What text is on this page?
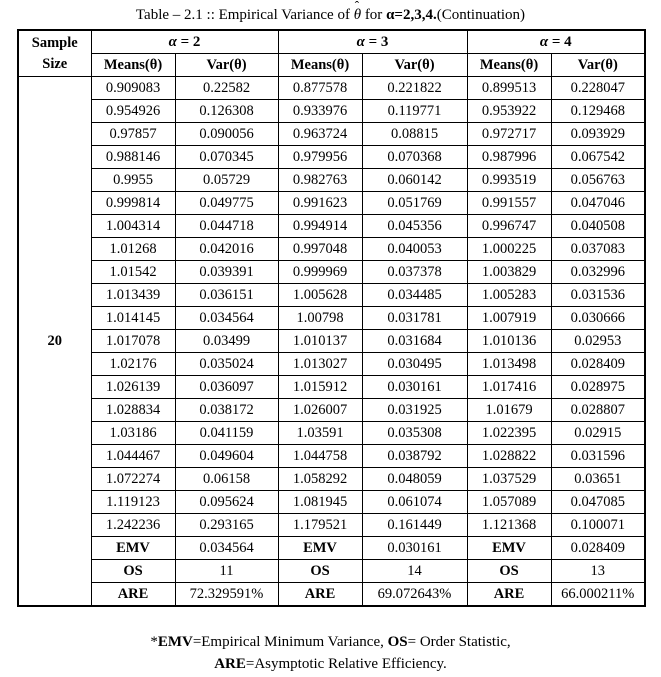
Table – 2.1 :: Empirical Variance of ˆ θ for α=2,3,4.(Continuation)
Sample Size	α = 2		α = 3		α = 4	
	Means(θ)	Var(θ)	Means(θ)	Var(θ)	Means(θ)	Var(θ)
20	0.909083	0.22582	0.877578	0.221822	0.899513	0.228047
	0.954926	0.126308	0.933976	0.119771	0.953922	0.129468
	0.97857	0.090056	0.963724	0.08815	0.972717	0.093929
	0.988146	0.070345	0.979956	0.070368	0.987996	0.067542
	0.9955	0.05729	0.982763	0.060142	0.993519	0.056763
	0.999814	0.049775	0.991623	0.051769	0.991557	0.047046
	1.004314	0.044718	0.994914	0.045356	0.996747	0.040508
	1.01268	0.042016	0.997048	0.040053	1.000225	0.037083
	1.01542	0.039391	0.999969	0.037378	1.003829	0.032996
	1.013439	0.036151	1.005628	0.034485	1.005283	0.031536
	1.014145	0.034564	1.00798	0.031781	1.007919	0.030666
	1.017078	0.03499	1.010137	0.031684	1.010136	0.02953
	1.02176	0.035024	1.013027	0.030495	1.013498	0.028409
	1.026139	0.036097	1.015912	0.030161	1.017416	0.028975
	1.028834	0.038172	1.026007	0.031925	1.01679	0.028807
	1.03186	0.041159	1.03591	0.035308	1.022395	0.02915
	1.044467	0.049604	1.044758	0.038792	1.028822	0.031596
	1.072274	0.06158	1.058292	0.048059	1.037529	0.03651
	1.119123	0.095624	1.081945	0.061074	1.057089	0.047085
	1.242236	0.293165	1.179521	0.161449	1.121368	0.100071
	EMV	0.034564	EMV	0.030161	EMV	0.028409
	OS	11	OS	14	OS	13
	ARE	72.329591%	ARE	69.072643%	ARE	66.000211%
*EMV=Empirical Minimum Variance, OS= Order Statistic,
ARE=Asymptotic Relative Efficiency.
